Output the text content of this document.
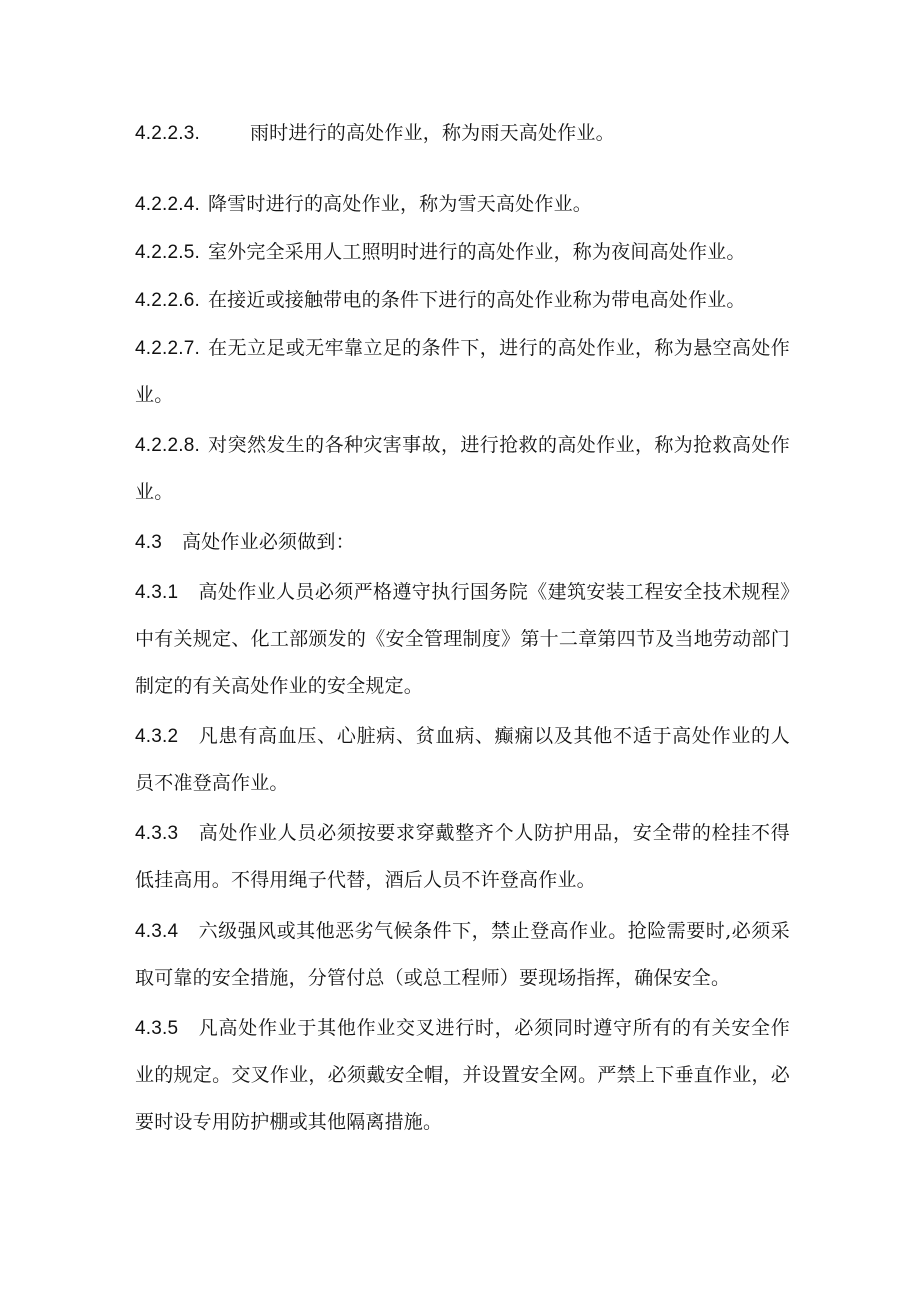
4.2.2.3.	雨时进行的高处作业，称为雨天高处作业。

4.2.2.4. 降雪时进行的高处作业，称为雪天高处作业。

4.2.2.5. 室外完全采用人工照明时进行的高处作业，称为夜间高处作业。

4.2.2.6. 在接近或接触带电的条件下进行的高处作业称为带电高处作业。

4.2.2.7. 在无立足或无牢靠立足的条件下，进行的高处作业，称为悬空高处作业。

4.2.2.8. 对突然发生的各种灾害事故，进行抢救的高处作业，称为抢救高处作业。

4.3 高处作业必须做到：

4.3.1 高处作业人员必须严格遵守执行国务院《建筑安装工程安全技术规程》中有关规定、化工部颁发的《安全管理制度》第十二章第四节及当地劳动部门制定的有关高处作业的安全规定。

4.3.2 凡患有高血压、心脏病、贫血病、癫痫以及其他不适于高处作业的人员不准登高作业。

4.3.3 高处作业人员必须按要求穿戴整齐个人防护用品，安全带的栓挂不得低挂高用。不得用绳子代替，酒后人员不许登高作业。

4.3.4 六级强风或其他恶劣气候条件下，禁止登高作业。抢险需要时,必须采取可靠的安全措施，分管付总（或总工程师）要现场指挥，确保安全。

4.3.5 凡高处作业于其他作业交叉进行时，必须同时遵守所有的有关安全作业的规定。交叉作业，必须戴安全帽，并设置安全网。严禁上下垂直作业，必要时设专用防护棚或其他隔离措施。
